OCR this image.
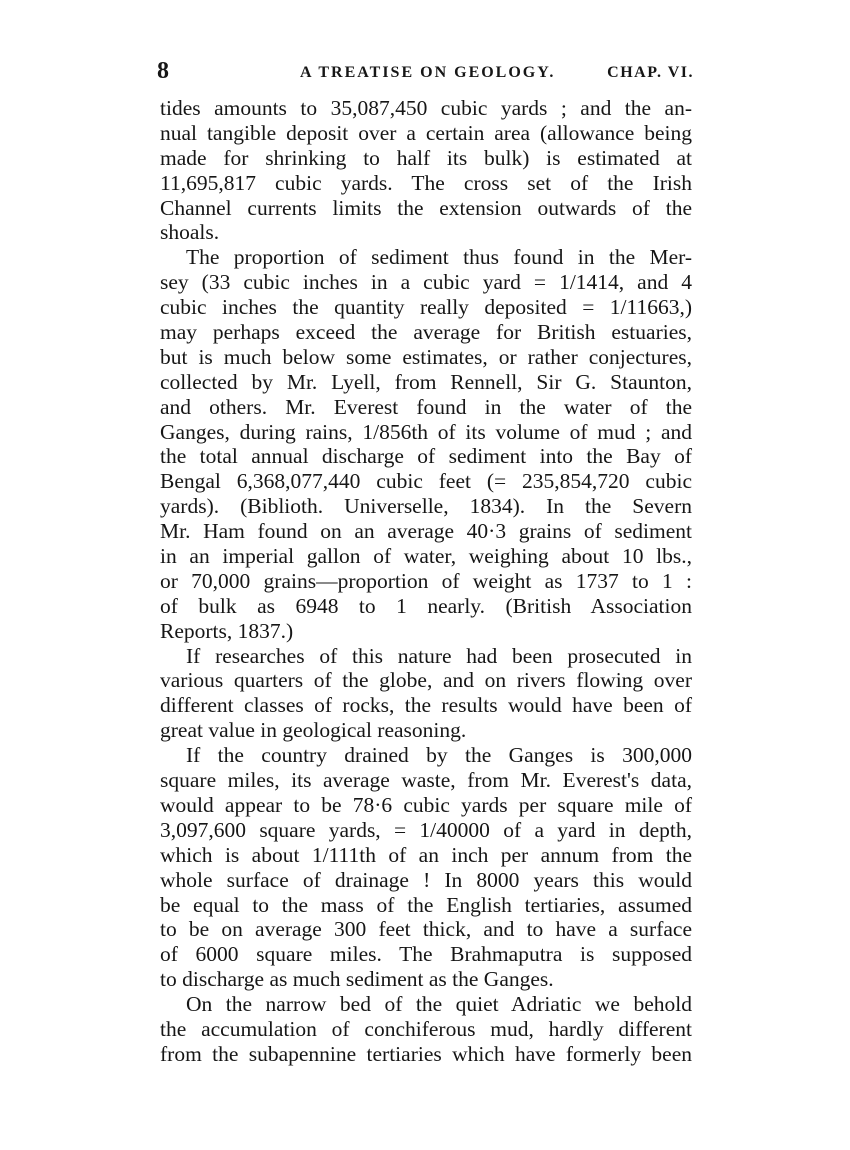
8	A TREATISE ON GEOLOGY.	CHAP. VI.
tides amounts to 35,087,450 cubic yards ; and the an-
nual tangible deposit over a certain area (allowance being
made for shrinking to half its bulk) is estimated at
11,695,817 cubic yards. The cross set of the Irish
Channel currents limits the extension outwards of the
shoals.
The proportion of sediment thus found in the Mer-
sey (33 cubic inches in a cubic yard = 1/1414, and 4
cubic inches the quantity really deposited = 1/11663,)
may perhaps exceed the average for British estuaries,
but is much below some estimates, or rather conjectures,
collected by Mr. Lyell, from Rennell, Sir G. Staunton,
and others. Mr. Everest found in the water of the
Ganges, during rains, 1/856th of its volume of mud ; and
the total annual discharge of sediment into the Bay of
Bengal 6,368,077,440 cubic feet (= 235,854,720 cubic
yards). (Biblioth. Universelle, 1834). In the Severn
Mr. Ham found on an average 40·3 grains of sediment
in an imperial gallon of water, weighing about 10 lbs.,
or 70,000 grains—proportion of weight as 1737 to 1 :
of bulk as 6948 to 1 nearly. (British Association
Reports, 1837.)
If researches of this nature had been prosecuted in
various quarters of the globe, and on rivers flowing over
different classes of rocks, the results would have been of
great value in geological reasoning.
If the country drained by the Ganges is 300,000
square miles, its average waste, from Mr. Everest's data,
would appear to be 78·6 cubic yards per square mile of
3,097,600 square yards, = 1/40000 of a yard in depth,
which is about 1/111th of an inch per annum from the
whole surface of drainage ! In 8000 years this would
be equal to the mass of the English tertiaries, assumed
to be on average 300 feet thick, and to have a surface
of 6000 square miles. The Brahmaputra is supposed
to discharge as much sediment as the Ganges.
On the narrow bed of the quiet Adriatic we behold
the accumulation of conchiferous mud, hardly different
from the subapennine tertiaries which have formerly been
